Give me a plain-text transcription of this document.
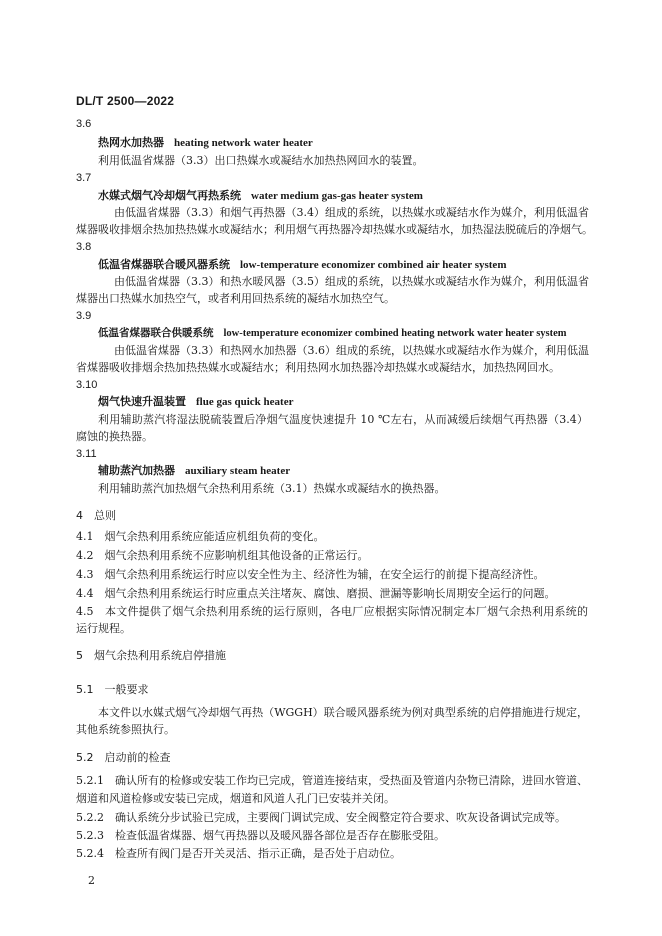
DL/T 2500—2022
3.6
热网水加热器 heating network water heater
利用低温省煤器（3.3）出口热媒水或凝结水加热热网回水的装置。
3.7
水媒式烟气冷却烟气再热系统 water medium gas-gas heater system
由低温省煤器（3.3）和烟气再热器（3.4）组成的系统，以热媒水或凝结水作为媒介，利用低温省
煤器吸收排烟余热加热热媒水或凝结水；利用烟气再热器冷却热媒水或凝结水，加热湿法脱硫后的净烟气。
3.8
低温省煤器联合暖风器系统 low-temperature economizer combined air heater system
由低温省煤器（3.3）和热水暖风器（3.5）组成的系统，以热媒水或凝结水作为媒介，利用低温省
煤器出口热媒水加热空气，或者利用回热系统的凝结水加热空气。
3.9
低温省煤器联合供暖系统 low-temperature economizer combined heating network water heater system
由低温省煤器（3.3）和热网水加热器（3.6）组成的系统，以热媒水或凝结水作为媒介，利用低温
省煤器吸收排烟余热加热热媒水或凝结水；利用热网水加热器冷却热媒水或凝结水，加热热网回水。
3.10
烟气快速升温装置 flue gas quick heater
利用辅助蒸汽将湿法脱硫装置后净烟气温度快速提升 10 ℃左右，从而减缓后续烟气再热器（3.4）
腐蚀的换热器。
3.11
辅助蒸汽加热器 auxiliary steam heater
利用辅助蒸汽加热烟气余热利用系统（3.1）热媒水或凝结水的换热器。
4　总则
4.1　烟气余热利用系统应能适应机组负荷的变化。
4.2　烟气余热利用系统不应影响机组其他设备的正常运行。
4.3　烟气余热利用系统运行时应以安全性为主、经济性为辅，在安全运行的前提下提高经济性。
4.4　烟气余热利用系统运行时应重点关注堵灰、腐蚀、磨损、泄漏等影响长周期安全运行的问题。
4.5　本文件提供了烟气余热利用系统的运行原则，各电厂应根据实际情况制定本厂烟气余热利用系统的
运行规程。
5　烟气余热利用系统启停措施
5.1　一般要求
本文件以水媒式烟气冷却烟气再热（WGGH）联合暖风器系统为例对典型系统的启停措施进行规定，
其他系统参照执行。
5.2　启动前的检查
5.2.1　确认所有的检修或安装工作均已完成，管道连接结束，受热面及管道内杂物已清除，进回水管道、
烟道和风道检修或安装已完成，烟道和风道人孔门已安装并关闭。
5.2.2　确认系统分步试验已完成，主要阀门调试完成、安全阀整定符合要求、吹灰设备调试完成等。
5.2.3　检查低温省煤器、烟气再热器以及暖风器各部位是否存在膨胀受阻。
5.2.4　检查所有阀门是否开关灵活、指示正确，是否处于启动位。
2
